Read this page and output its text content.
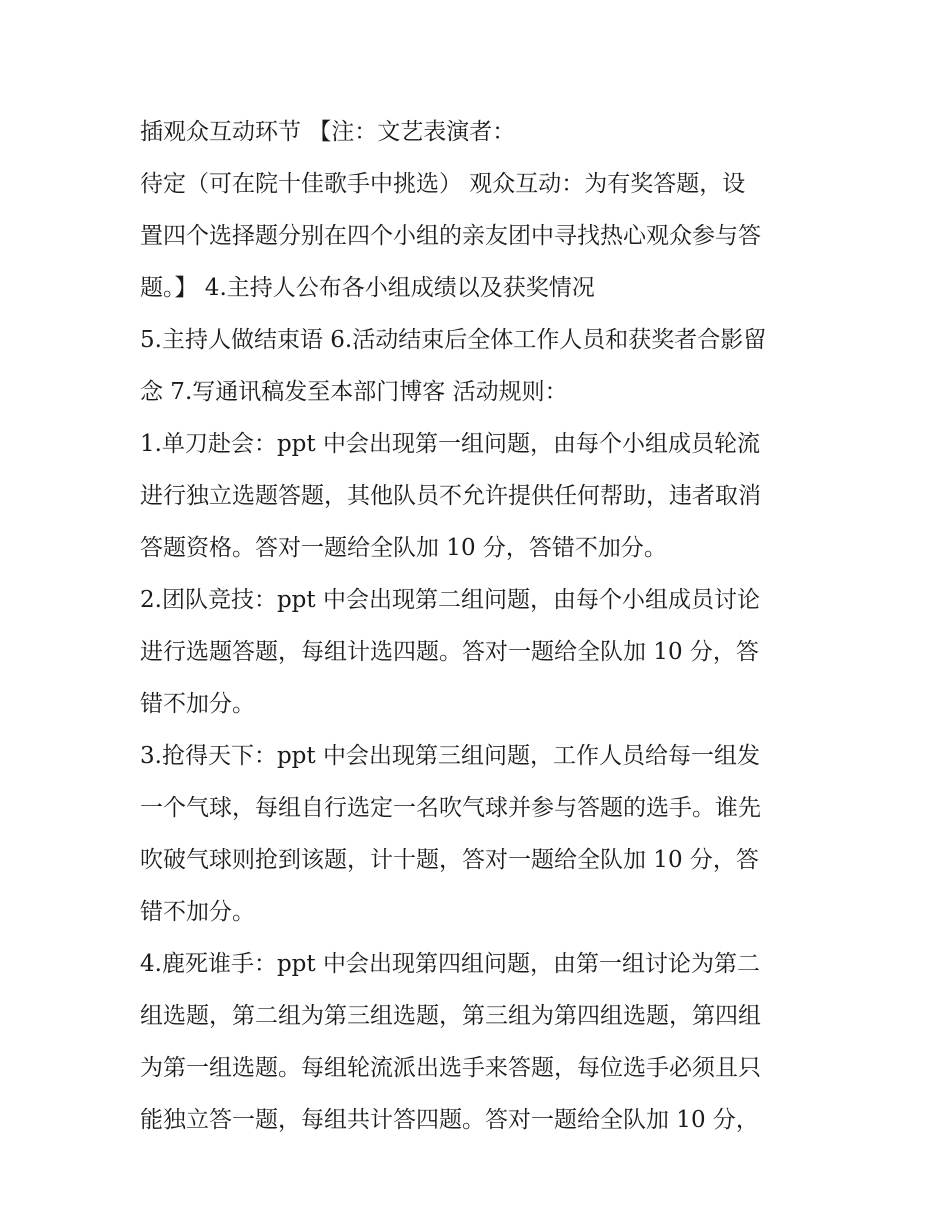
插观众互动环节 【注：文艺表演者：
待定（可在院十佳歌手中挑选） 观众互动：为有奖答题，设
置四个选择题分别在四个小组的亲友团中寻找热心观众参与答
题。】 4.主持人公布各小组成绩以及获奖情况
5.主持人做结束语 6.活动结束后全体工作人员和获奖者合影留
念 7.写通讯稿发至本部门博客 活动规则：
1.单刀赴会：ppt 中会出现第一组问题，由每个小组成员轮流
进行独立选题答题，其他队员不允许提供任何帮助，违者取消
答题资格。答对一题给全队加 10 分，答错不加分。
2.团队竞技：ppt 中会出现第二组问题，由每个小组成员讨论
进行选题答题，每组计选四题。答对一题给全队加 10 分，答
错不加分。
3.抢得天下：ppt 中会出现第三组问题，工作人员给每一组发
一个气球，每组自行选定一名吹气球并参与答题的选手。谁先
吹破气球则抢到该题，计十题，答对一题给全队加 10 分，答
错不加分。
4.鹿死谁手：ppt 中会出现第四组问题，由第一组讨论为第二
组选题，第二组为第三组选题，第三组为第四组选题，第四组
为第一组选题。每组轮流派出选手来答题，每位选手必须且只
能独立答一题，每组共计答四题。答对一题给全队加 10 分，
